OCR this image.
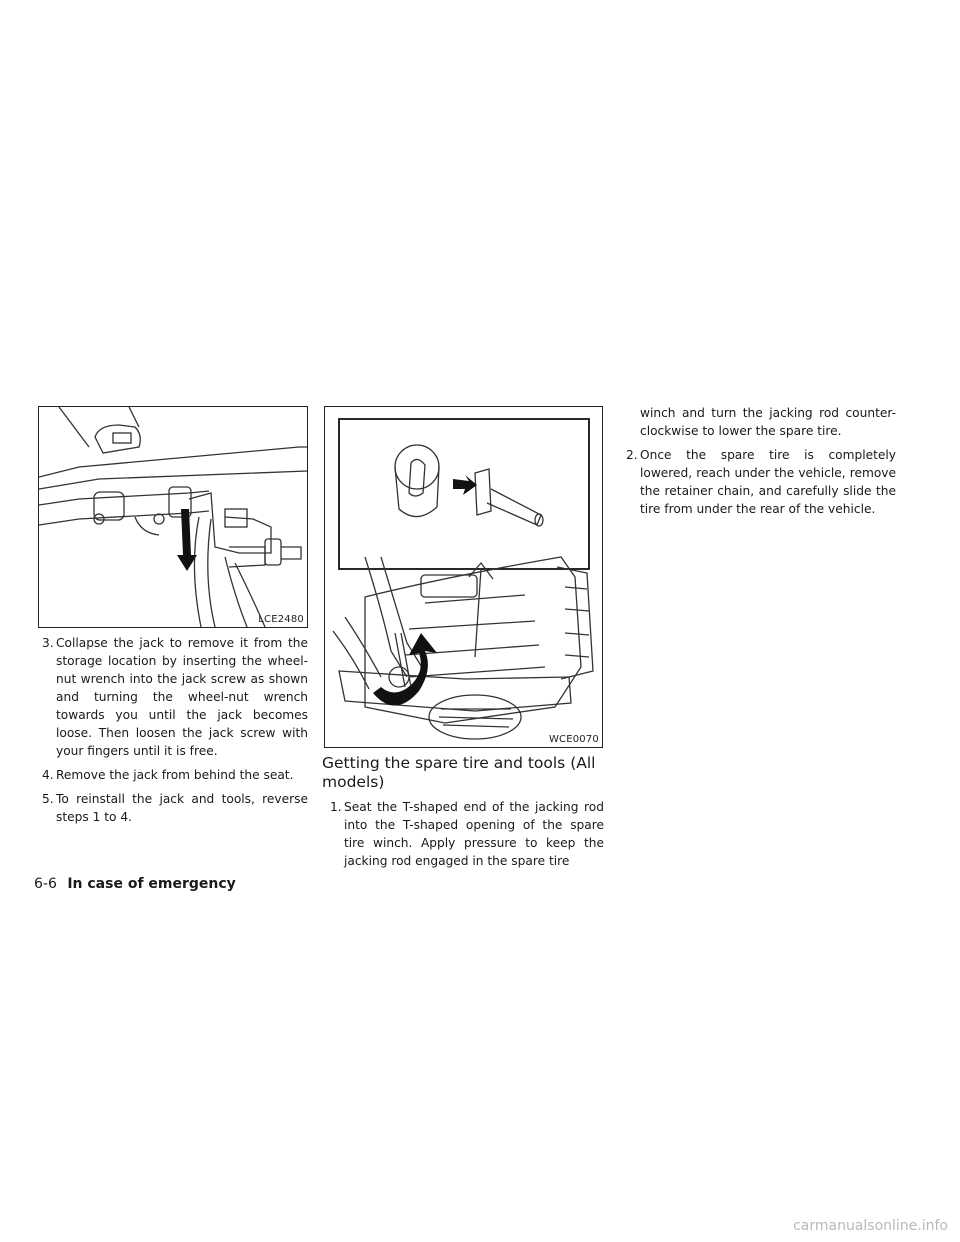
LCE2480
WCE0070

3. Collapse the jack to remove it from the storage location by inserting the wheel-nut wrench into the jack screw as shown and turning the wheel-nut wrench towards you until the jack becomes loose. Then loosen the jack screw with your fingers until it is free.

4. Remove the jack from behind the seat.

5. To reinstall the jack and tools, reverse steps 1 to 4.

Getting the spare tire and tools (All models)

1. Seat the T-shaped end of the jacking rod into the T-shaped opening of the spare tire winch. Apply pressure to keep the jacking rod engaged in the spare tire

winch and turn the jacking rod counter-clockwise to lower the spare tire.

2. Once the spare tire is completely lowered, reach under the vehicle, remove the retainer chain, and carefully slide the tire from under the rear of the vehicle.

6-6 In case of emergency
carmanualsonline.info
